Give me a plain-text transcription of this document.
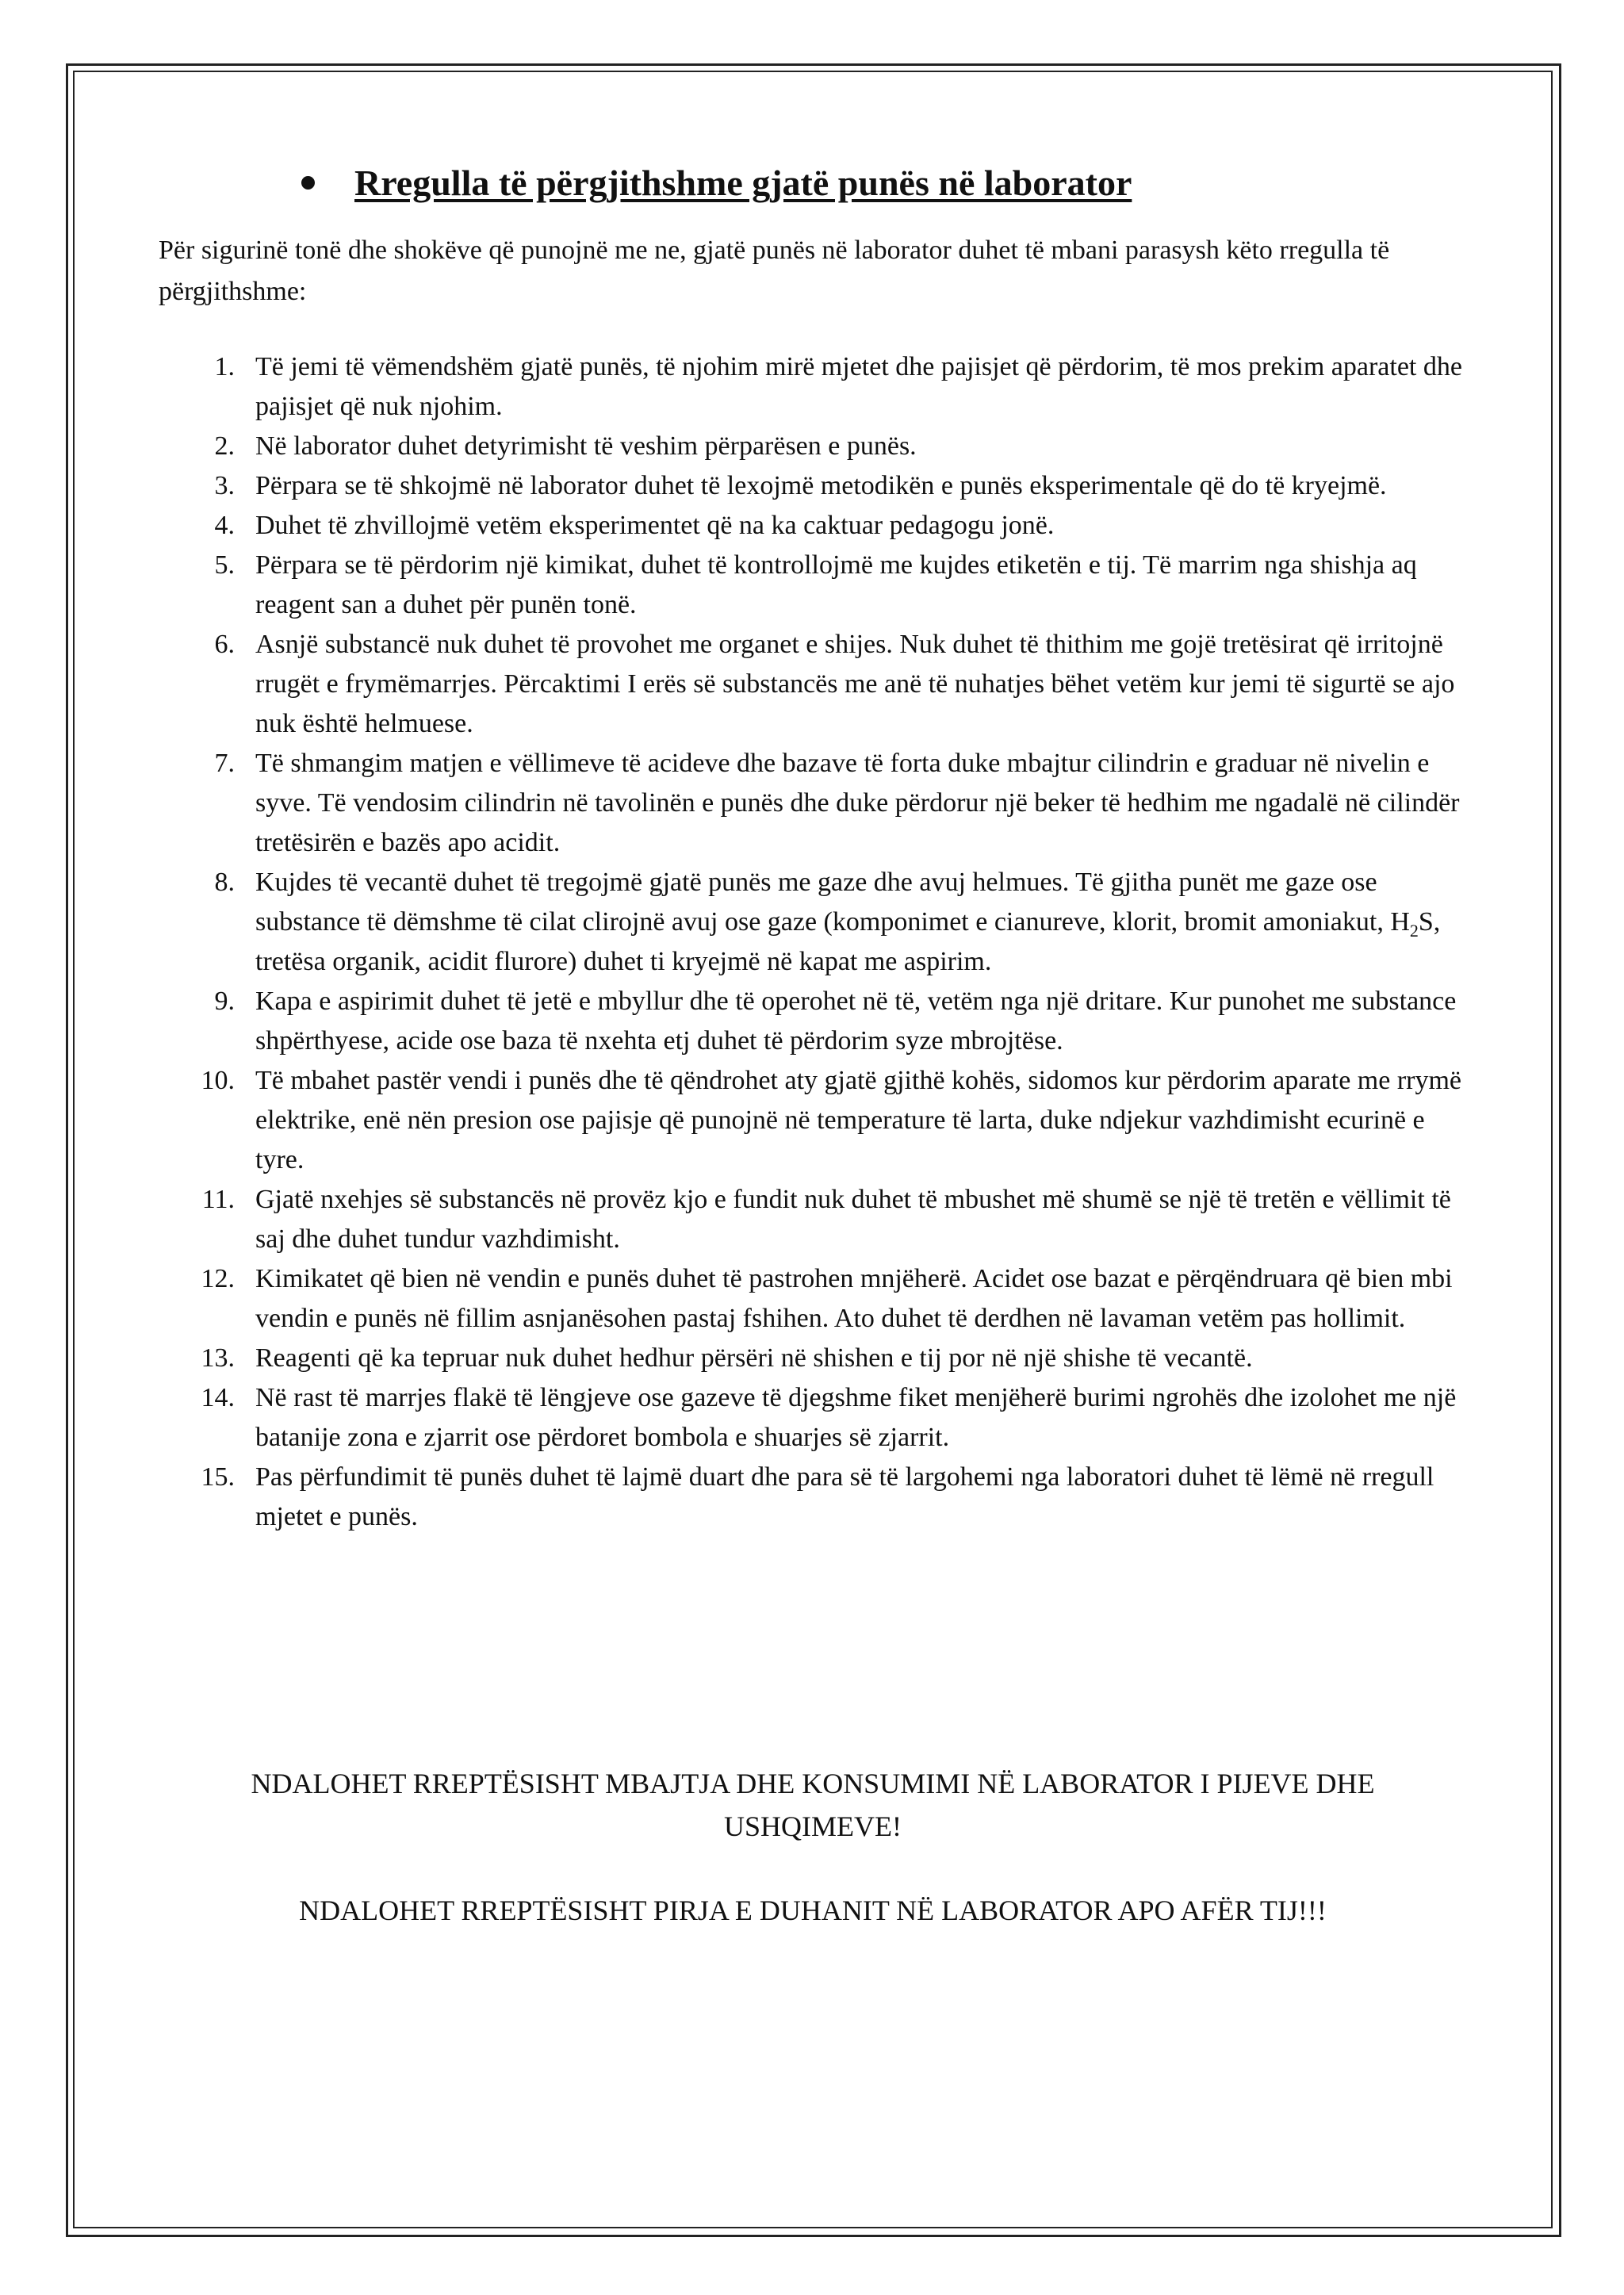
Rregulla të përgjithshme gjatë punës në laborator

Për sigurinë tonë dhe shokëve që punojnë me ne, gjatë punës në laborator duhet të mbani parasysh këto rregulla të përgjithshme:

1. Të jemi të vëmendshëm gjatë punës, të njohim mirë mjetet dhe pajisjet që përdorim, të mos prekim aparatet dhe pajisjet që nuk njohim.
2. Në laborator duhet detyrimisht të veshim përparësen e punës.
3. Përpara se të shkojmë në laborator duhet të lexojmë metodikën e punës eksperimentale që do të kryejmë.
4. Duhet të zhvillojmë vetëm eksperimentet që na ka caktuar pedagogu jonë.
5. Përpara se të përdorim një kimikat, duhet të kontrollojmë me kujdes etiketën e tij. Të marrim nga shishja aq reagent san a duhet për punën tonë.
6. Asnjë substancë nuk duhet të provohet me organet e shijes. Nuk duhet të thithim me gojë tretësirat që irritojnë rrugët e frymëmarrjes. Përcaktimi I erës së substancës me anë të nuhatjes bëhet vetëm kur jemi të sigurtë se ajo nuk është helmuese.
7. Të shmangim matjen e vëllimeve të acideve dhe bazave të forta duke mbajtur cilindrin e graduar në nivelin e syve. Të vendosim cilindrin në tavolinën e punës dhe duke përdorur një beker të hedhim me ngadalë në cilindër tretësirën e bazës apo acidit.
8. Kujdes të vecantë duhet të tregojmë gjatë punës me gaze dhe avuj helmues. Të gjitha punët me gaze ose substance të dëmshme të cilat clirojnë avuj ose gaze (komponimet e cianureve, klorit, bromit amoniakut, $H_2S$, tretësa organik, acidit flurore) duhet ti kryejmë në kapat me aspirim.
9. Kapa e aspirimit duhet të jetë e mbyllur dhe të operohet në të, vetëm nga një dritare. Kur punohet me substance shpërthyese, acide ose baza të nxehta etj duhet të përdorim syze mbrojtëse.
10. Të mbahet pastër vendi i punës dhe të qëndrohet aty gjatë gjithë kohës, sidomos kur përdorim aparate me rrymë elektrike, enë nën presion ose pajisje që punojnë në temperature të larta, duke ndjekur vazhdimisht ecurinë e tyre.
11. Gjatë nxehjes së substancës në provëz kjo e fundit nuk duhet të mbushet më shumë se një të tretën e vëllimit të saj dhe duhet tundur vazhdimisht.
12. Kimikatet që bien në vendin e punës duhet të pastrohen mnjëherë. Acidet ose bazat e përqëndruara që bien mbi vendin e punës në fillim asnjanësohen pastaj fshihen. Ato duhet të derdhen në lavaman vetëm pas hollimit.
13. Reagenti që ka tepruar nuk duhet hedhur përsëri në shishen e tij por në një shishe të vecantë.
14. Në rast të marrjes flakë të lëngjeve ose gazeve të djegshme fiket menjëherë burimi ngrohës dhe izolohet me një batanije zona e zjarrit ose përdoret bombola e shuarjes së zjarrit.
15. Pas përfundimit të punës duhet të lajmë duart dhe para së të largohemi nga laboratori duhet të lëmë në rregull mjetet e punës.
NDALOHET RREPTËSISHT MBAJTJA DHE KONSUMIMI NË LABORATOR I PIJEVE DHE USHQIMEVE!
NDALOHET RREPTËSISHT PIRJA E DUHANIT NË LABORATOR APO AFËR TIJ!!!
